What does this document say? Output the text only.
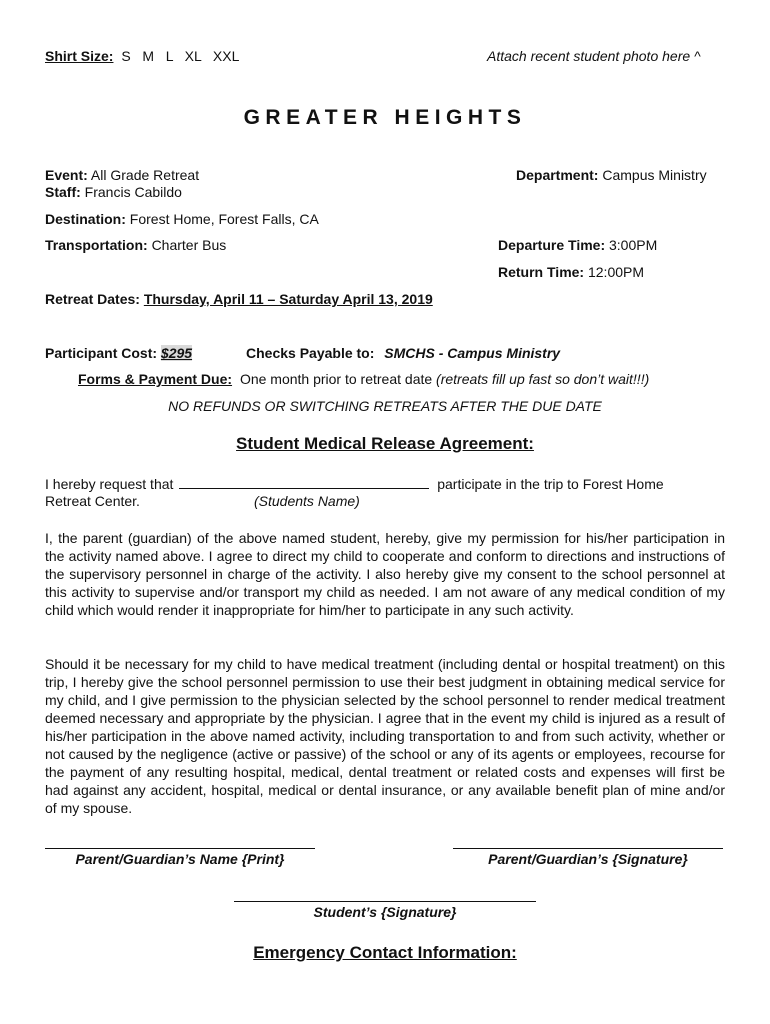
Shirt Size: S   M   L   XL   XXL	Attach recent student photo here ^
GREATER HEIGHTS
Event: All Grade Retreat
Staff: Francis Cabildo
Department: Campus Ministry
Destination: Forest Home, Forest Falls, CA
Transportation: Charter Bus	Departure Time: 3:00PM
Return Time: 12:00PM
Retreat Dates: Thursday, April 11 – Saturday April 13, 2019
Participant Cost: $295	Checks Payable to: SMCHS - Campus Ministry
Forms & Payment Due: One month prior to retreat date (retreats fill up fast so don’t wait!!!)
NO REFUNDS OR SWITCHING RETREATS AFTER THE DUE DATE
Student Medical Release Agreement:
I hereby request that	participate in the trip to Forest Home
Retreat Center.	(Students Name)
I, the parent (guardian) of the above named student, hereby, give my permission for his/her participation in the activity named above. I agree to direct my child to cooperate and conform to directions and instructions of the supervisory personnel in charge of the activity. I also hereby give my consent to the school personnel at this activity to supervise and/or transport my child as needed. I am not aware of any medical condition of my child which would render it inappropriate for him/her to participate in any such activity.
Should it be necessary for my child to have medical treatment (including dental or hospital treatment) on this trip, I hereby give the school personnel permission to use their best judgment in obtaining medical service for my child, and I give permission to the physician selected by the school personnel to render medical treatment deemed necessary and appropriate by the physician. I agree that in the event my child is injured as a result of his/her participation in the above named activity, including transportation to and from such activity, whether or not caused by the negligence (active or passive) of the school or any of its agents or employees, recourse for the payment of any resulting hospital, medical, dental treatment or related costs and expenses will first be had against any accident, hospital, medical or dental insurance, or any available benefit plan of mine and/or of my spouse.
Parent/Guardian’s Name {Print}	Parent/Guardian’s {Signature}
Student’s {Signature}
Emergency Contact Information:
